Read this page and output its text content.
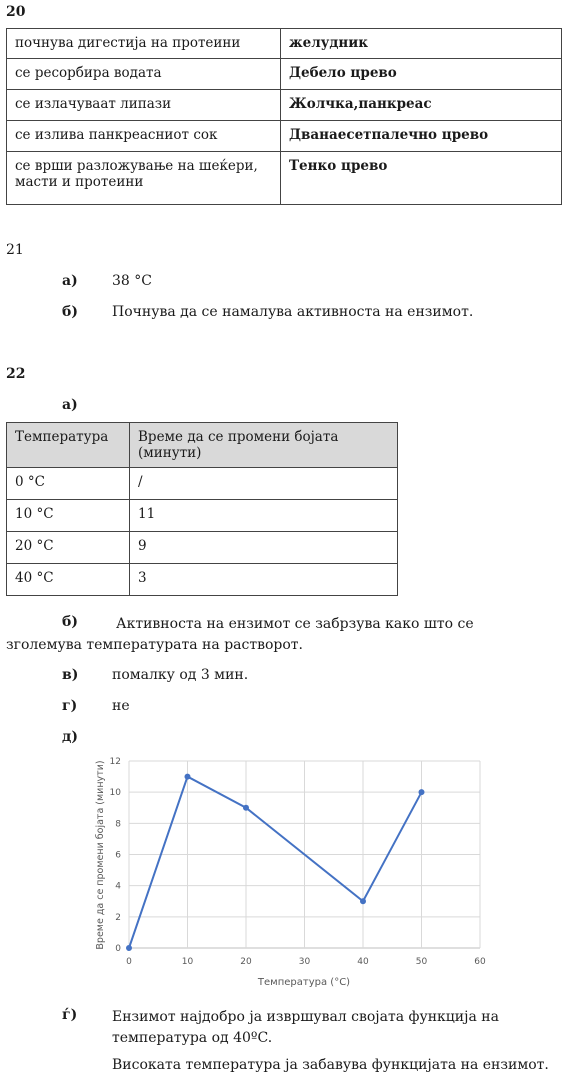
20
почнува дигестија на протеини	желудник
се ресорбира водата	Дебело црево
се излачуваат липази	Жолчка,панкреас
се излива панкреасниот сок	Дванаесетпалечно црево
се врши разложување на шеќери, масти и протеини	Тенко црево
21
а) 38 °C
б) Почнува да се намалува активноста на ензимот.
22
а)
Температура	Време да се промени бојата (минути)
0 °C	/
10 °C	11
20 °C	9
40 °C	3
б)	Активноста на ензимот се забрзува како што се зголемува температурата на растворот.
в) помалку од 3 мин.
г) не
д)
0
2
4
6
8
10
12
0	10	20	30	40	50	60
Температура (°C)
Време да се промени бојата (минути)
ѓ) Ензимот најдобро ја извршувал својата функција на температура од 40ºC.
Високата температура ја забавува функцијата на ензимот.
